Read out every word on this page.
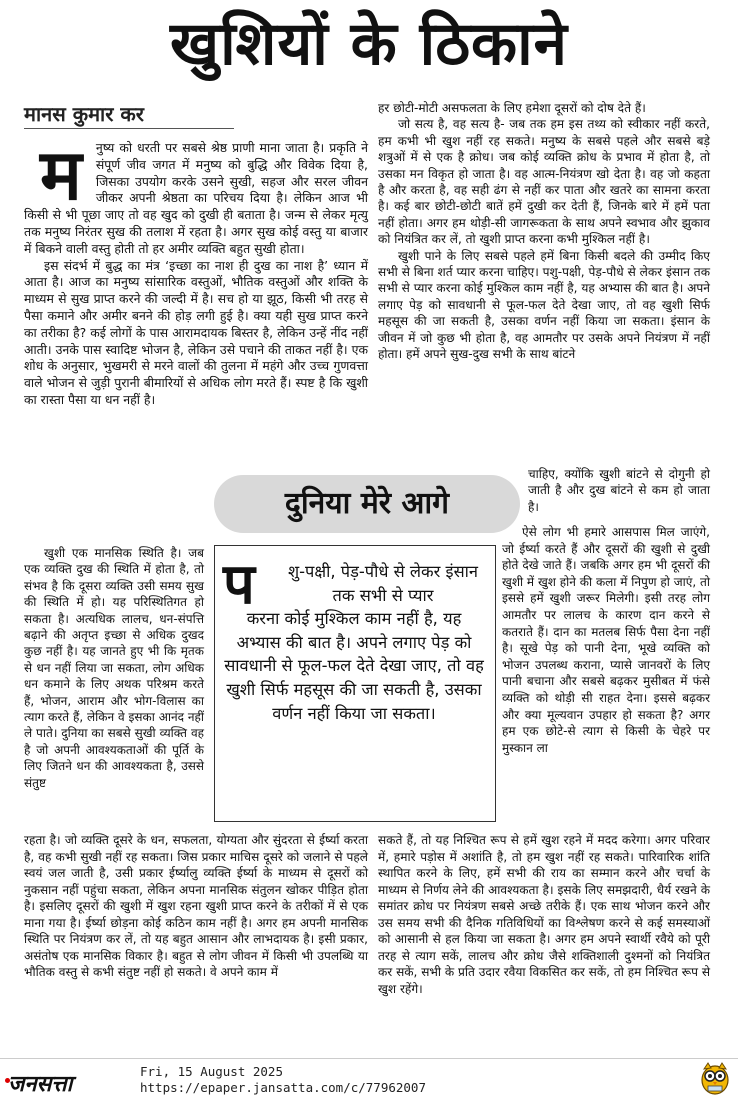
खुशियों के ठिकाने
मानस कुमार कर
म	नुष्य को धरती पर सबसे श्रेष्ठ प्राणी माना जाता है। प्रकृति ने संपूर्ण जीव जगत में मनुष्य को बुद्धि और विवेक दिया है, जिसका उपयोग करके उसने सुखी, सहज और सरल जीवन जीकर अपनी श्रेष्ठता का परिचय दिया है। लेकिन आज भी किसी से भी पूछा जाए तो वह खुद को दुखी ही बताता है। जन्म से लेकर मृत्यु तक मनुष्य निरंतर सुख की तलाश में रहता है। अगर सुख कोई वस्तु या बाजार में बिकने वाली वस्तु होती तो हर अमीर व्यक्ति बहुत सुखी होता।

इस संदर्भ में बुद्ध का मंत्र ‘इच्छा का नाश ही दुख का नाश है’ ध्यान में आता है। आज का मनुष्य सांसारिक वस्तुओं, भौतिक वस्तुओं और शक्ति के माध्यम से सुख प्राप्त करने की जल्दी में है। सच हो या झूठ, किसी भी तरह से पैसा कमाने और अमीर बनने की होड़ लगी हुई है। क्या यही सुख प्राप्त करने का तरीका है? कई लोगों के पास आरामदायक बिस्तर है, लेकिन उन्हें नींद नहीं आती। उनके पास स्वादिष्ट भोजन है, लेकिन उसे पचाने की ताकत नहीं है। एक शोध के अनुसार, भुखमरी से मरने वालों की तुलना में महंगे और उच्च गुणवत्ता वाले भोजन से जुड़ी पुरानी बीमारियों से अधिक लोग मरते हैं। स्पष्ट है कि खुशी का रास्ता पैसा या धन नहीं है।

खुशी एक मानसिक स्थिति है। जब एक व्यक्ति दुख की स्थिति में होता है, तो संभव है कि दूसरा व्यक्ति उसी समय सुख की स्थिति में हो। यह परिस्थितिगत हो सकता है। अत्यधिक लालच, धन-संपत्ति बढ़ाने की अतृप्त इच्छा से अधिक दुखद कुछ नहीं है। यह जानते हुए भी कि मृतक से धन नहीं लिया जा सकता, लोग अधिक धन कमाने के लिए अथक परिश्रम करते हैं, भोजन, आराम और भोग-विलास का त्याग करते हैं, लेकिन वे इसका आनंद नहीं ले पाते। दुनिया का सबसे सुखी व्यक्ति वह है जो अपनी आवश्यकताओं की पूर्ति के लिए जितने धन की आवश्यकता है, उससे संतुष्ट

रहता है। जो व्यक्ति दूसरे के धन, सफलता, योग्यता और सुंदरता से ईर्ष्या करता है, वह कभी सुखी नहीं रह सकता। जिस प्रकार माचिस दूसरे को जलाने से पहले स्वयं जल जाती है, उसी प्रकार ईर्ष्यालु व्यक्ति ईर्ष्या के माध्यम से दूसरों को नुकसान नहीं पहुंचा सकता, लेकिन अपना मानसिक संतुलन खोकर पीड़ित होता है। इसलिए दूसरों की खुशी में खुश रहना खुशी प्राप्त करने के तरीकों में से एक माना गया है। ईर्ष्या छोड़ना कोई कठिन काम नहीं है। अगर हम अपनी मानसिक स्थिति पर नियंत्रण कर लें, तो यह बहुत आसान और लाभदायक है। इसी प्रकार, असंतोष एक मानसिक विकार है। बहुत से लोग जीवन में किसी भी उपलब्धि या भौतिक वस्तु से कभी संतुष्ट नहीं हो सकते। वे अपने काम में

हर छोटी-मोटी असफलता के लिए हमेशा दूसरों को दोष देते हैं।

जो सत्य है, वह सत्य है- जब तक हम इस तथ्य को स्वीकार नहीं करते, हम कभी भी खुश नहीं रह सकते। मनुष्य के सबसे पहले और सबसे बड़े शत्रुओं में से एक है क्रोध। जब कोई व्यक्ति क्रोध के प्रभाव में होता है, तो उसका मन विकृत हो जाता है। वह आत्म-नियंत्रण खो देता है। वह जो कहता है और करता है, वह सही ढंग से नहीं कर पाता और खतरे का सामना करता है। कई बार छोटी-छोटी बातें हमें दुखी कर देती हैं, जिनके बारे में हमें पता नहीं होता। अगर हम थोड़ी-सी जागरूकता के साथ अपने स्वभाव और झुकाव को नियंत्रित कर लें, तो खुशी प्राप्त करना कभी मुश्किल नहीं है।

खुशी पाने के लिए सबसे पहले हमें बिना किसी बदले की उम्मीद किए सभी से बिना शर्त प्यार करना चाहिए। पशु-पक्षी, पेड़-पौधे से लेकर इंसान तक सभी से प्यार करना कोई मुश्किल काम नहीं है, यह अभ्यास की बात है। अपने लगाए पेड़ को सावधानी से फूल-फल देते देखा जाए, तो वह खुशी सिर्फ महसूस की जा सकती है, उसका वर्णन नहीं किया जा सकता। इंसान के जीवन में जो कुछ भी होता है, वह आमतौर पर उसके अपने नियंत्रण में नहीं होता। हमें अपने सुख-दुख सभी के साथ बांटने

चाहिए, क्योंकि खुशी बांटने से दोगुनी हो जाती है और दुख बांटने से कम हो जाता है।

ऐसे लोग भी हमारे आसपास मिल जाएंगे, जो ईर्ष्या करते हैं और दूसरों की खुशी से दुखी होते देखे जाते हैं। जबकि अगर हम भी दूसरों की खुशी में खुश होने की कला में निपुण हो जाएं, तो इससे हमें खुशी जरूर मिलेगी। इसी तरह लोग आमतौर पर लालच के कारण दान करने से कतराते हैं। दान का मतलब सिर्फ पैसा देना नहीं है। सूखे पेड़ को पानी देना, भूखे व्यक्ति को भोजन उपलब्ध कराना, प्यासे जानवरों के लिए पानी बचाना और सबसे बढ़कर मुसीबत में फंसे व्यक्ति को थोड़ी सी राहत देना। इससे बढ़कर और क्या मूल्यवान उपहार हो सकता है? अगर हम एक छोटे-से त्याग से किसी के चेहरे पर मुस्कान ला

सकते हैं, तो यह निश्चित रूप से हमें खुश रहने में मदद करेगा। अगर परिवार में, हमारे पड़ोस में अशांति है, तो हम खुश नहीं रह सकते। पारिवारिक शांति स्थापित करने के लिए, हमें सभी की राय का सम्मान करने और चर्चा के माध्यम से निर्णय लेने की आवश्यकता है। इसके लिए समझदारी, धैर्य रखने के समांतर क्रोध पर नियंत्रण सबसे अच्छे तरीके हैं। एक साथ भोजन करने और उस समय सभी की दैनिक गतिविधियों का विश्लेषण करने से कई समस्याओं को आसानी से हल किया जा सकता है। अगर हम अपने स्वार्थी रवैये को पूरी तरह से त्याग सकें, लालच और क्रोध जैसे शक्तिशाली दुश्मनों को नियंत्रित कर सकें, सभी के प्रति उदार रवैया विकसित कर सकें, तो हम निश्चित रूप से खुश रहेंगे।

दुनिया मेरे आगे
प	शु-पक्षी, पेड़-पौधे से लेकर इंसान तक सभी से प्यार
करना कोई मुश्किल काम नहीं है, यह अभ्यास की बात है। अपने लगाए पेड़ को सावधानी से फूल-फल देते देखा जाए, तो वह खुशी सिर्फ महसूस की जा सकती है, उसका वर्णन नहीं किया जा सकता।
जनसत्ता
Fri, 15 August 2025
https://epaper.jansatta.com/c/77962007
